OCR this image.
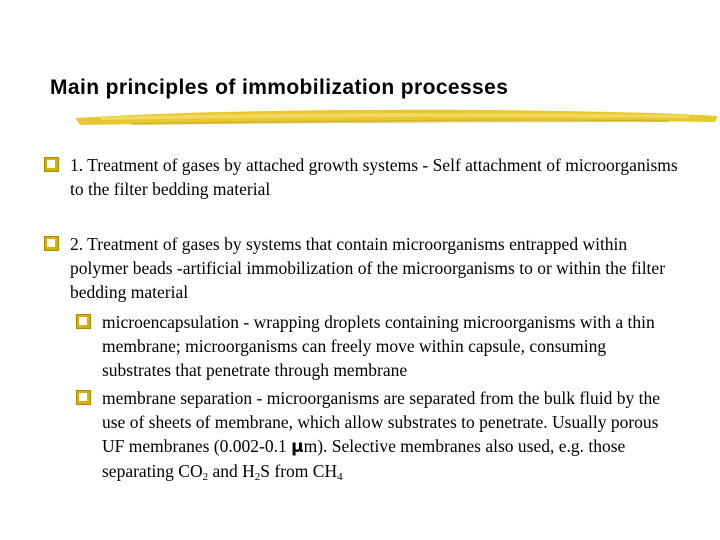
Main principles of immobilization processes
1. Treatment of gases by attached growth systems - Self attachment of microorganisms to the filter bedding material
2. Treatment of gases by systems that contain microorganisms entrapped within polymer beads -artificial immobilization of the microorganisms to or within the filter bedding material
microencapsulation - wrapping droplets containing microorganisms with a thin membrane; microorganisms can freely move within capsule, consuming substrates that penetrate through membrane
membrane separation - microorganisms are separated from the bulk fluid by the use of sheets of membrane, which allow substrates to penetrate. Usually porous UF membranes (0.002-0.1 μm). Selective membranes also used, e.g. those separating $CO_2$ and $H_2S$ from $CH_4$
